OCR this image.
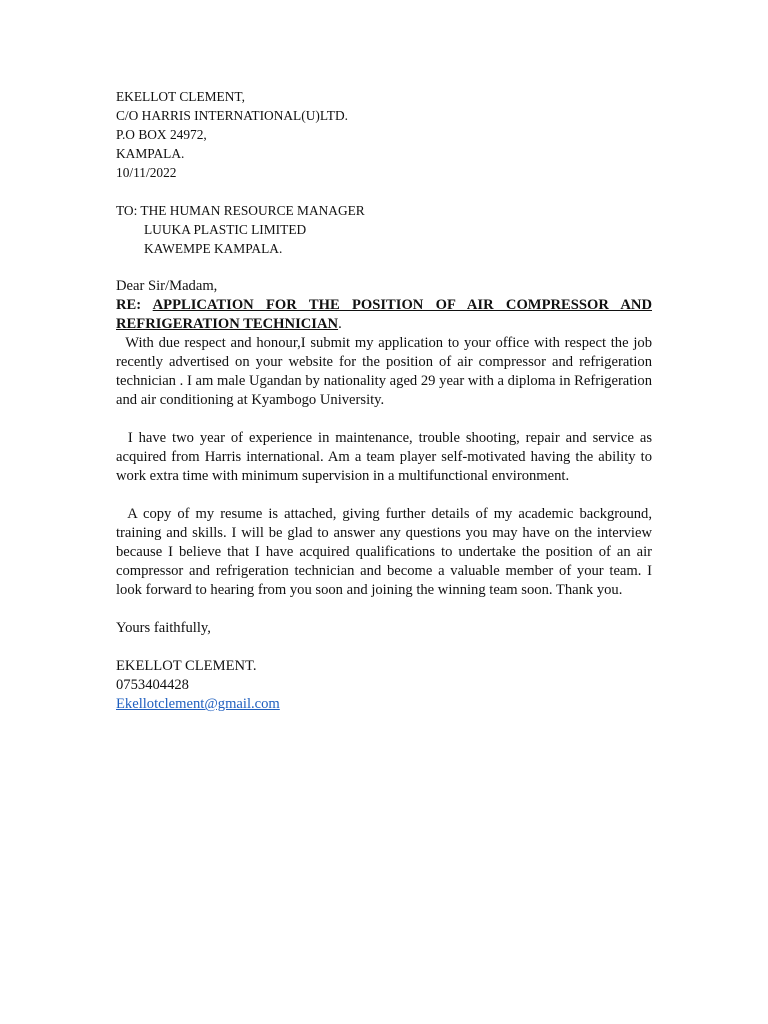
EKELLOT CLEMENT,
C/O HARRIS INTERNATIONAL(U)LTD.
P.O BOX 24972,
KAMPALA.
10/11/2022
TO: THE HUMAN RESOURCE MANAGER
LUUKA PLASTIC LIMITED
KAWEMPE KAMPALA.
Dear Sir/Madam,
RE: APPLICATION FOR THE POSITION OF AIR COMPRESSOR AND REFRIGERATION TECHNICIAN.

With due respect and honour,I submit my application to your office with respect the job recently advertised on your website for the position of air compressor and refrigeration technician . I am male Ugandan by nationality aged 29 year with a diploma in Refrigeration and air conditioning at Kyambogo University.

I have two year of experience in maintenance, trouble shooting, repair and service as acquired from Harris international. Am a team player self-motivated having the ability to work extra time with minimum supervision in a multifunctional environment.

A copy of my resume is attached, giving further details of my academic background, training and skills. I will be glad to answer any questions you may have on the interview because I believe that I have acquired qualifications to undertake the position of an air compressor and refrigeration technician and become a valuable member of your team. I look forward to hearing from you soon and joining the winning team soon. Thank you.

Yours faithfully,
EKELLOT CLEMENT.
0753404428
Ekellotclement@gmail.com
